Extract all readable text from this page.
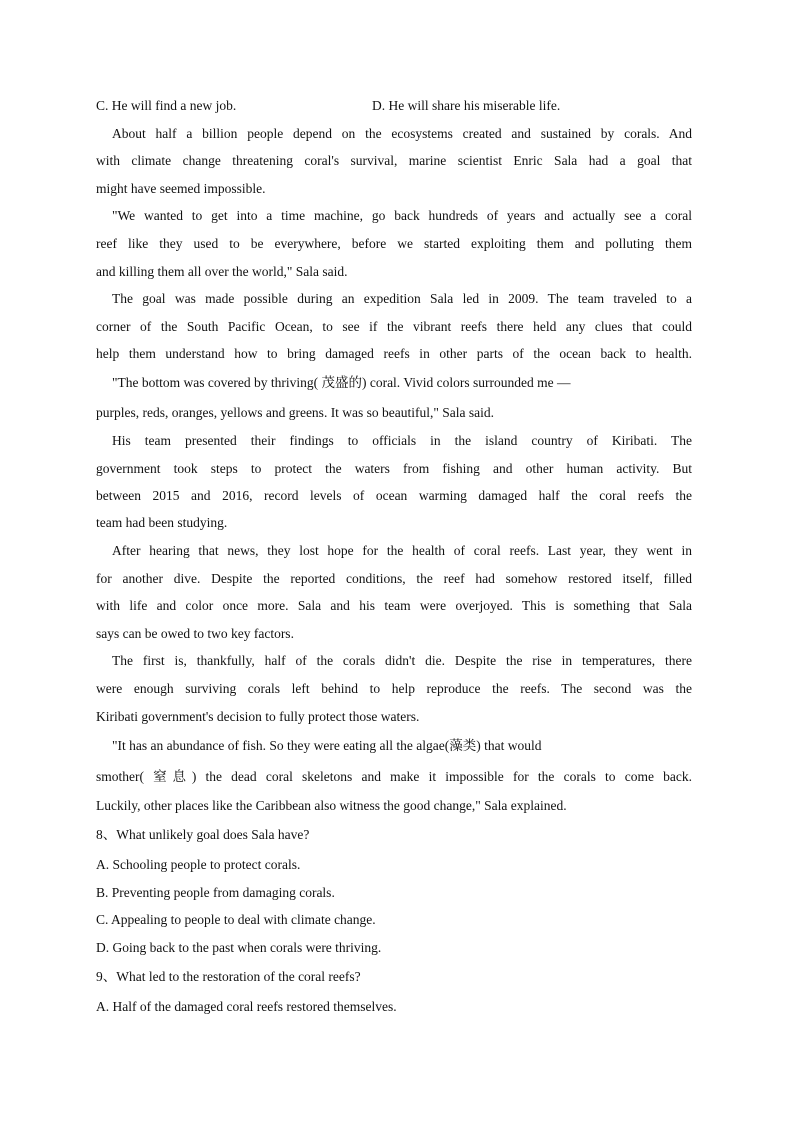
C. He will find a new job.	D. He will share his miserable life.
About half a billion people depend on the ecosystems created and sustained by corals. And
with climate change threatening coral's survival, marine scientist Enric Sala had a goal that
might have seemed impossible.
"We wanted to get into a time machine, go back hundreds of years and actually see a coral
reef like they used to be everywhere, before we started exploiting them and polluting them
and killing them all over the world," Sala said.
The goal was made possible during an expedition Sala led in 2009. The team traveled to a
corner of the South Pacific Ocean, to see if the vibrant reefs there held any clues that could
help them understand how to bring damaged reefs in other parts of the ocean back to health.
"The bottom was covered by thriving( 茂盛的) coral. Vivid colors surrounded me —
purples, reds, oranges, yellows and greens. It was so beautiful," Sala said.
His team presented their findings to officials in the island country of Kiribati. The
government took steps to protect the waters from fishing and other human activity. But
between 2015 and 2016, record levels of ocean warming damaged half the coral reefs the
team had been studying.
After hearing that news, they lost hope for the health of coral reefs. Last year, they went in
for another dive. Despite the reported conditions, the reef had somehow restored itself, filled
with life and color once more. Sala and his team were overjoyed. This is something that Sala
says can be owed to two key factors.
The first is, thankfully, half of the corals didn't die. Despite the rise in temperatures, there
were enough surviving corals left behind to help reproduce the reefs. The second was the
Kiribati government's decision to fully protect those waters.
"It has an abundance of fish. So they were eating all the algae(藻类) that would
smother( 窒息) the dead coral skeletons and make it impossible for the corals to come back.
Luckily, other places like the Caribbean also witness the good change," Sala explained.
8、What unlikely goal does Sala have?
A. Schooling people to protect corals.
B. Preventing people from damaging corals.
C. Appealing to people to deal with climate change.
D. Going back to the past when corals were thriving.
9、What led to the restoration of the coral reefs?
A. Half of the damaged coral reefs restored themselves.
